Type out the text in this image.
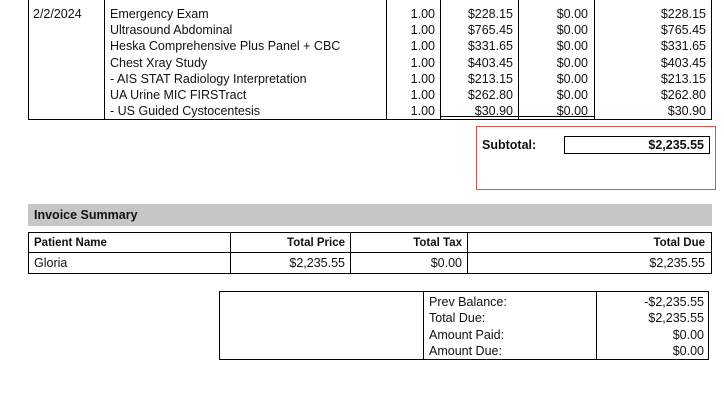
2/2/2024 Emergency Exam	1.00	$228.15	$0.00	$228.15
Ultrasound Abdominal	1.00	$765.45	$0.00	$765.45
Heska Comprehensive Plus Panel + CBC	1.00	$331.65	$0.00	$331.65
Chest Xray Study	1.00	$403.45	$0.00	$403.45
- AIS STAT Radiology Interpretation	1.00	$213.15	$0.00	$213.15
UA Urine MIC FIRSTract	1.00	$262.80	$0.00	$262.80
- US Guided Cystocentesis	1.00	$30.90	$0.00	$30.90
Subtotal:	$2,235.55
Invoice Summary
Patient Name	Total Price	Total Tax	Total Due
Gloria	$2,235.55	$0.00	$2,235.55
Prev Balance:	-$2,235.55
Total Due:	$2,235.55
Amount Paid:	$0.00
Amount Due:	$0.00
